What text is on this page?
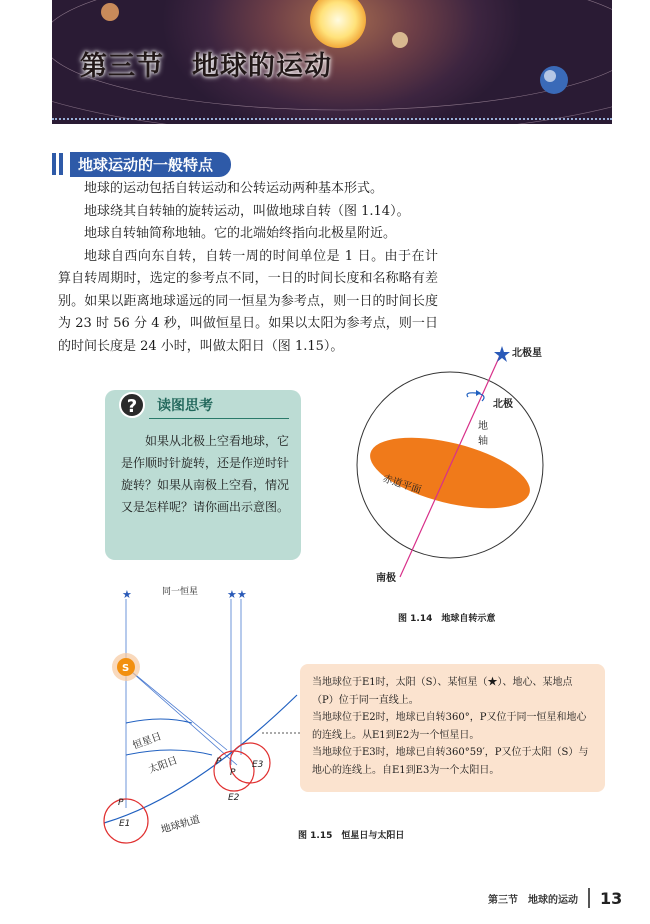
第三节　地球的运动
地球运动的一般特点
地球的运动包括自转运动和公转运动两种基本形式。
地球绕其自转轴的旋转运动，叫做地球自转（图 1.14）。
地球自转轴简称地轴。它的北端始终指向北极星附近。
地球自西向东自转，自转一周的时间单位是 1 日。由于在计算自转周期时，选定的参考点不同，一日的时间长度和名称略有差别。如果以距离地球遥远的同一恒星为参考点，则一日的时间长度为 23 时 56 分 4 秒，叫做恒星日。如果以太阳为参考点，则一日的时间长度是 24 小时，叫做太阳日（图 1.15）。
?	读图思考
如果从北极上空看地球，它是作顺时针旋转，还是作逆时针旋转？如果从南极上空看，情况又是怎样呢？请你画出示意图。
北极星
北极
南极
地
轴
赤道平面
图 1.14　地球自转示意
同一恒星
★	★ ★
S
P
E1
P
P
E2
E3
恒星日
太阳日
地球轨道
图 1.15　恒星日与太阳日
当地球位于E1时，太阳（S）、某恒星（★）、地心、某地点（P）位于同一直线上。
当地球位于E2时，地球已自转360°，P又位于同一恒星和地心的连线上。从E1到E2为一个恒星日。
当地球位于E3时，地球已自转360°59′，P又位于太阳（S）与地心的连线上。自E1到E3为一个太阳日。
第三节　地球的运动 13
